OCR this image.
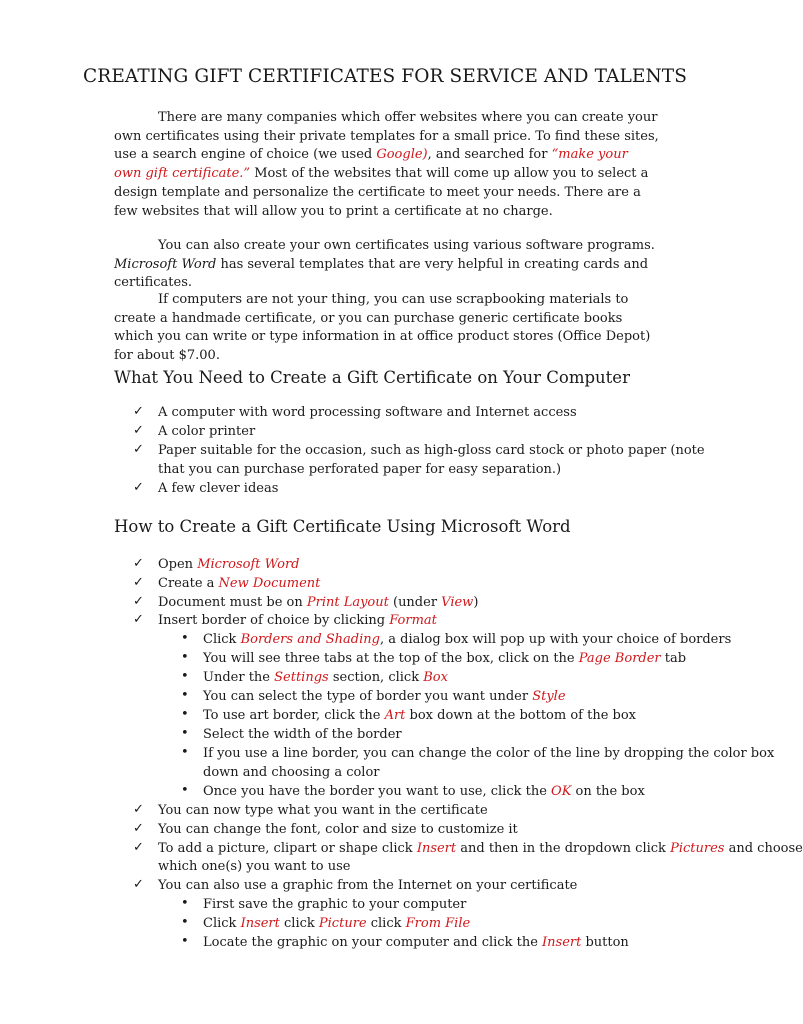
CREATING GIFT CERTIFICATES FOR SERVICE AND TALENTS
There are many companies which offer websites where you can create your own certificates using their private templates for a small price. To find these sites, use a search engine of choice (we used Google), and searched for “make your own gift certificate.” Most of the websites that will come up allow you to select a design template and personalize the certificate to meet your needs. There are a few websites that will allow you to print a certificate at no charge.
You can also create your own certificates using various software programs. Microsoft Word has several templates that are very helpful in creating cards and certificates.
If computers are not your thing, you can use scrapbooking materials to create a handmade certificate, or you can purchase generic certificate books which you can write or type information in at office product stores (Office Depot) for about $7.00.
What You Need to Create a Gift Certificate on Your Computer
✓ A computer with word processing software and Internet access
✓ A color printer
✓ Paper suitable for the occasion, such as high-gloss card stock or photo paper (note
that you can purchase perforated paper for easy separation.)
✓ A few clever ideas
How to Create a Gift Certificate Using Microsoft Word
✓ Open Microsoft Word
✓ Create a New Document
✓ Document must be on Print Layout (under View)
✓ Insert border of choice by clicking Format
• Click Borders and Shading, a dialog box will pop up with your choice of borders
• You will see three tabs at the top of the box, click on the Page Border tab
• Under the Settings section, click Box
• You can select the type of border you want under Style
• To use art border, click the Art box down at the bottom of the box
• Select the width of the border
• If you use a line border, you can change the color of the line by dropping the color box
down and choosing a color
• Once you have the border you want to use, click the OK on the box
✓ You can now type what you want in the certificate
✓ You can change the font, color and size to customize it
✓ To add a picture, clipart or shape click Insert and then in the dropdown click Pictures and choose
which one(s) you want to use
✓ You can also use a graphic from the Internet on your certificate
• First save the graphic to your computer
• Click Insert click Picture click From File
• Locate the graphic on your computer and click the Insert button
